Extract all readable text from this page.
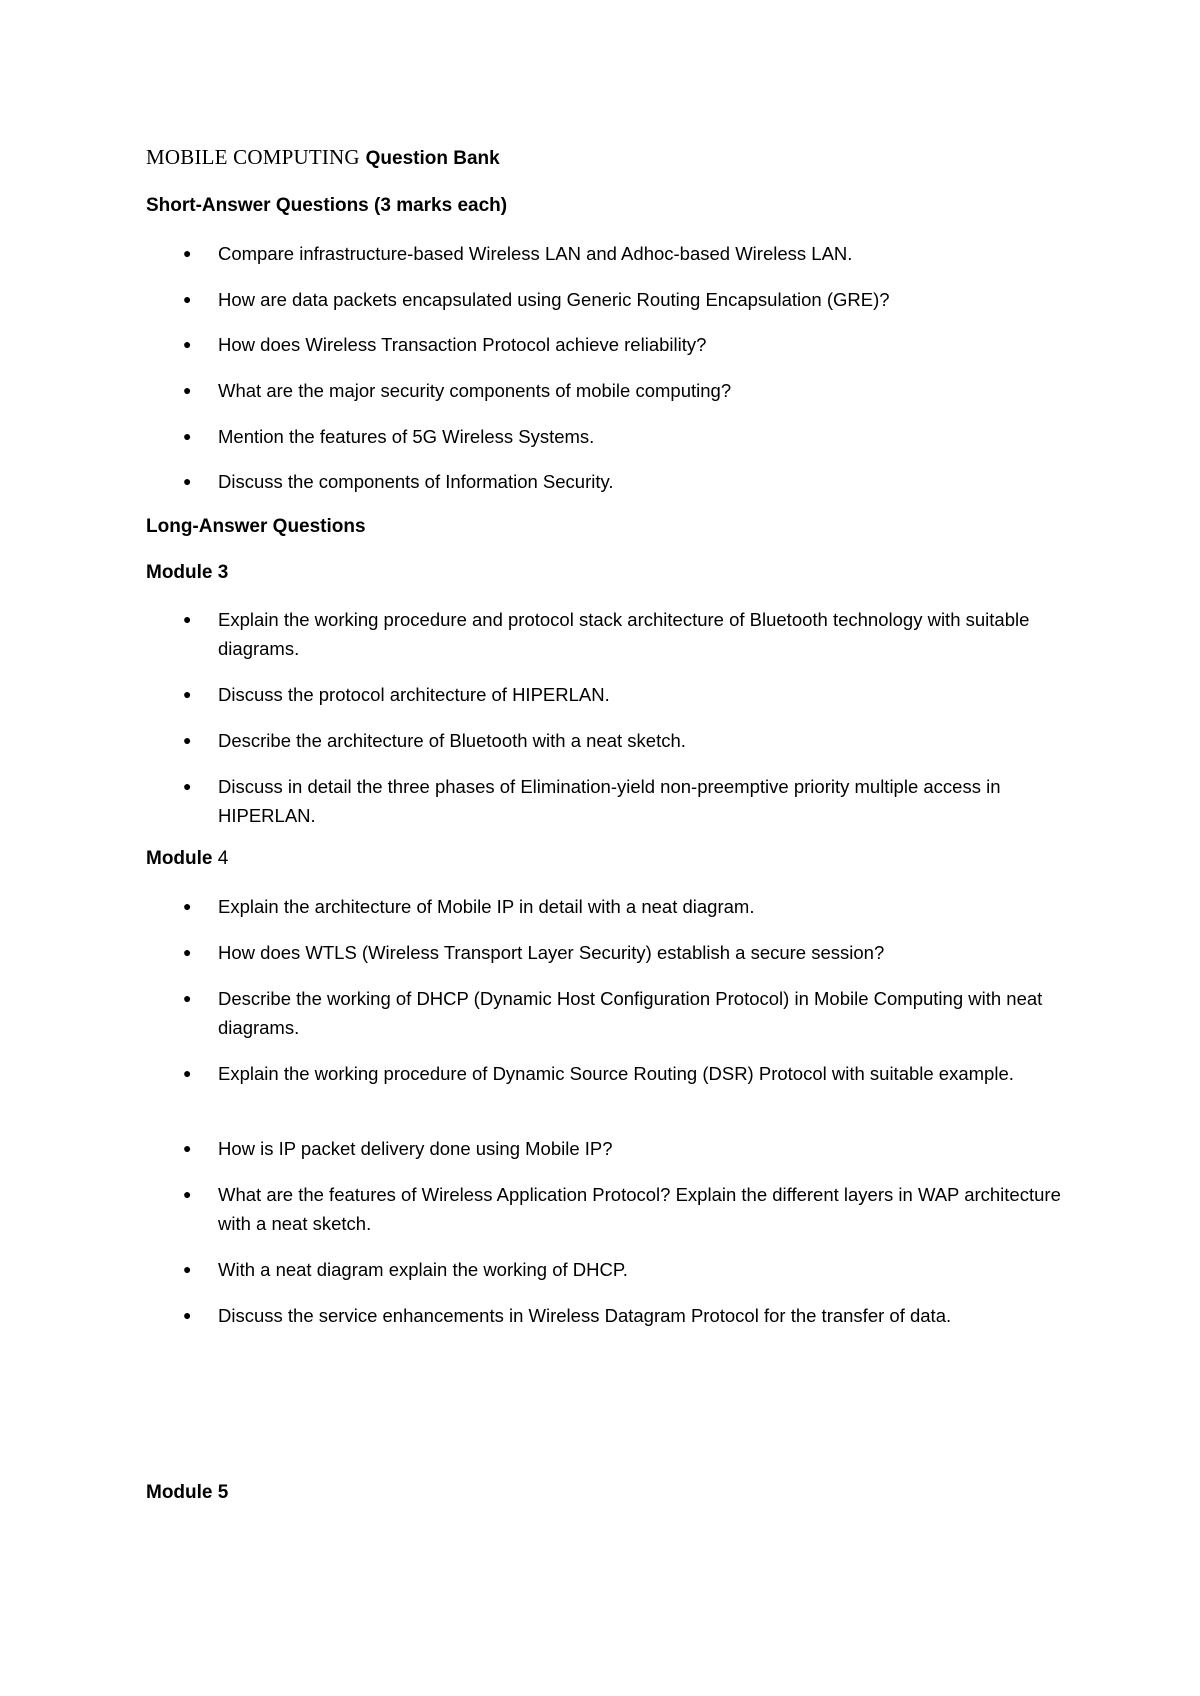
MOBILE COMPUTING Question Bank
Short-Answer Questions (3 marks each)
● Compare infrastructure-based Wireless LAN and Adhoc-based Wireless LAN.
● How are data packets encapsulated using Generic Routing Encapsulation (GRE)?
● How does Wireless Transaction Protocol achieve reliability?
● What are the major security components of mobile computing?
● Mention the features of 5G Wireless Systems.
● Discuss the components of Information Security.
Long-Answer Questions
Module 3
● Explain the working procedure and protocol stack architecture of Bluetooth technology with suitable diagrams.
● Discuss the protocol architecture of HIPERLAN.
● Describe the architecture of Bluetooth with a neat sketch.
● Discuss in detail the three phases of Elimination-yield non-preemptive priority multiple access in HIPERLAN.
Module 4
● Explain the architecture of Mobile IP in detail with a neat diagram.
● How does WTLS (Wireless Transport Layer Security) establish a secure session?
● Describe the working of DHCP (Dynamic Host Configuration Protocol) in Mobile Computing with neat diagrams.
● Explain the working procedure of Dynamic Source Routing (DSR) Protocol with suitable example.
● How is IP packet delivery done using Mobile IP?
● What are the features of Wireless Application Protocol? Explain the different layers in WAP architecture with a neat sketch.
● With a neat diagram explain the working of DHCP.
● Discuss the service enhancements in Wireless Datagram Protocol for the transfer of data.
Module 5
